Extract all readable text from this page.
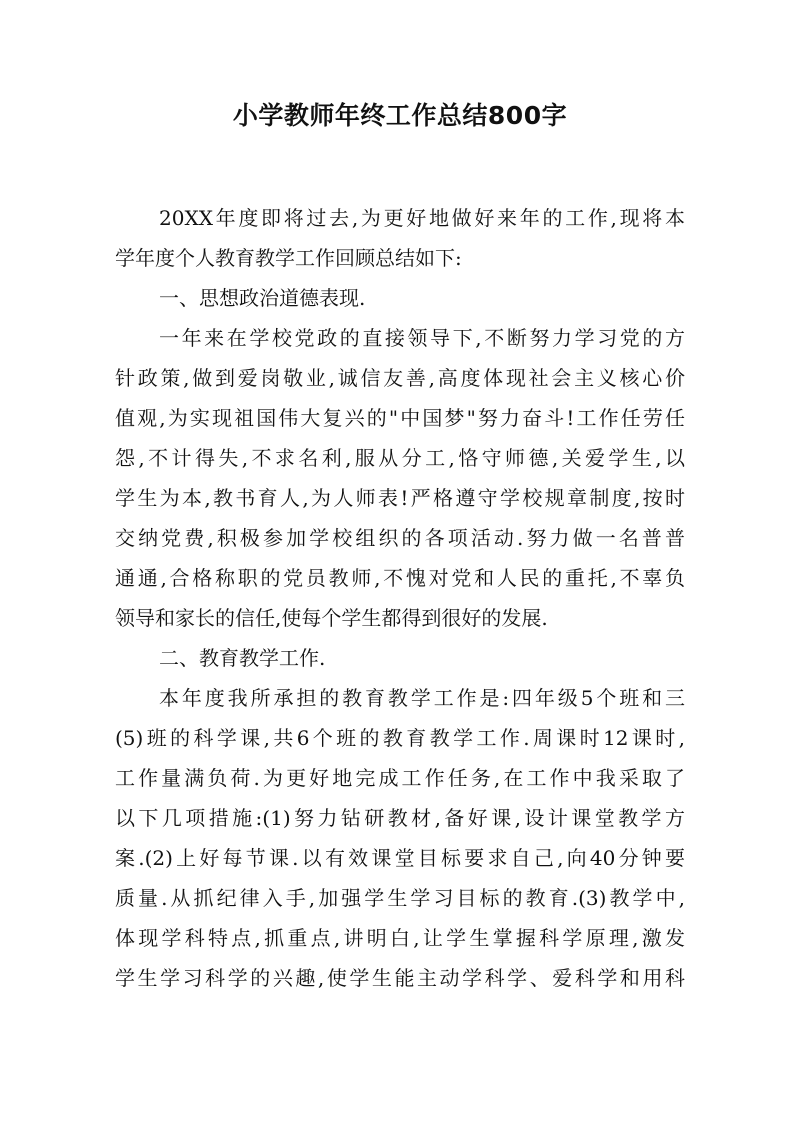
小学教师年终工作总结800字
20XX年度即将过去,为更好地做好来年的工作,现将本
学年度个人教育教学工作回顾总结如下:
一、思想政治道德表现.
一年来在学校党政的直接领导下,不断努力学习党的方
针政策,做到爱岗敬业,诚信友善,高度体现社会主义核心价
值观,为实现祖国伟大复兴的"中国梦"努力奋斗!工作任劳任
怨,不计得失,不求名利,服从分工,恪守师德,关爱学生,以
学生为本,教书育人,为人师表!严格遵守学校规章制度,按时
交纳党费,积极参加学校组织的各项活动.努力做一名普普
通通,合格称职的党员教师,不愧对党和人民的重托,不辜负
领导和家长的信任,使每个学生都得到很好的发展.
二、教育教学工作.
本年度我所承担的教育教学工作是:四年级5个班和三
(5)班的科学课,共6个班的教育教学工作.周课时12课时,
工作量满负荷.为更好地完成工作任务,在工作中我采取了
以下几项措施:(1)努力钻研教材,备好课,设计课堂教学方
案.(2)上好每节课.以有效课堂目标要求自己,向40分钟要
质量.从抓纪律入手,加强学生学习目标的教育.(3)教学中,
体现学科特点,抓重点,讲明白,让学生掌握科学原理,激发
学生学习科学的兴趣,使学生能主动学科学、爱科学和用科
